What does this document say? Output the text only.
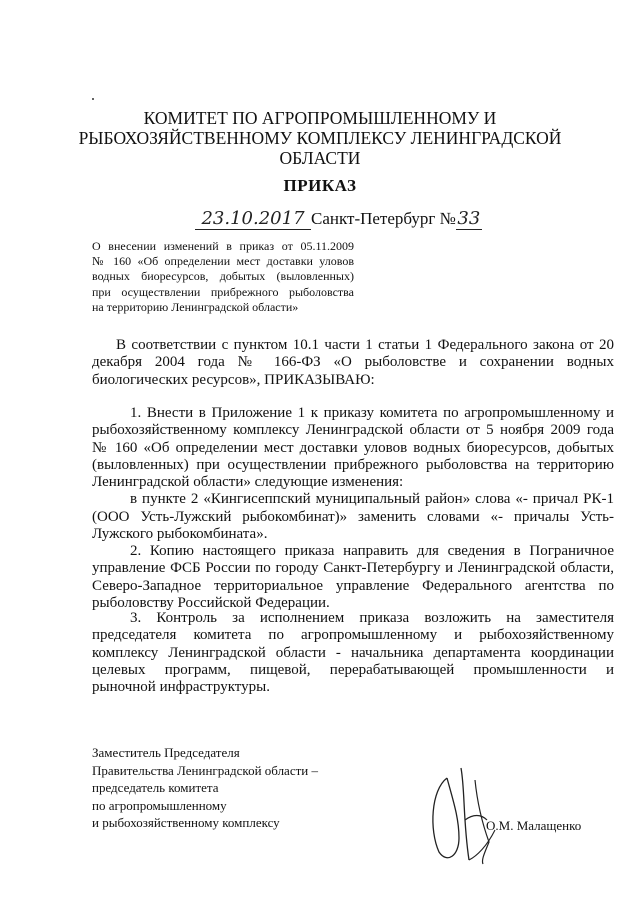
КОМИТЕТ ПО АГРОПРОМЫШЛЕННОМУ И
РЫБОХОЗЯЙСТВЕННОМУ КОМПЛЕКСУ ЛЕНИНГРАДСКОЙ
ОБЛАСТИ
ПРИКАЗ
23.10.2017 Санкт-Петербург №33
О внесении изменений в приказ от 05.11.2009
№ 160 «Об определении мест доставки уловов
водных биоресурсов, добытых (выловленных)
при осуществлении прибрежного рыболовства
на территорию Ленинградской области»
В соответствии с пунктом 10.1 части 1 статьи 1 Федерального закона от 20
декабря 2004 года № 166-ФЗ «О рыболовстве и сохранении водных
биологических ресурсов», ПРИКАЗЫВАЮ:
1. Внести в Приложение 1 к приказу комитета по агропромышленному и
рыбохозяйственному комплексу Ленинградской области от 5 ноября 2009 года
№ 160 «Об определении мест доставки уловов водных биоресурсов, добытых
(выловленных) при осуществлении прибрежного рыболовства на территорию
Ленинградской области» следующие изменения:
в пункте 2 «Кингисеппский муниципальный район» слова «- причал РК-1
(ООО Усть-Лужский рыбокомбинат)» заменить словами «- причалы Усть-
Лужского рыбокомбината».
2. Копию настоящего приказа направить для сведения в Пограничное
управление ФСБ России по городу Санкт-Петербургу и Ленинградской области,
Северо-Западное территориальное управление Федерального агентства по
рыболовству Российской Федерации.
3. Контроль за исполнением приказа возложить на заместителя
председателя комитета по агропромышленному и рыбохозяйственному
комплексу Ленинградской области - начальника департамента координации
целевых программ, пищевой, перерабатывающей промышленности и
рыночной инфраструктуры.
Заместитель Председателя
Правительства Ленинградской области –
председатель комитета
по агропромышленному
и рыбохозяйственному комплексу	О.М. Малащенко
